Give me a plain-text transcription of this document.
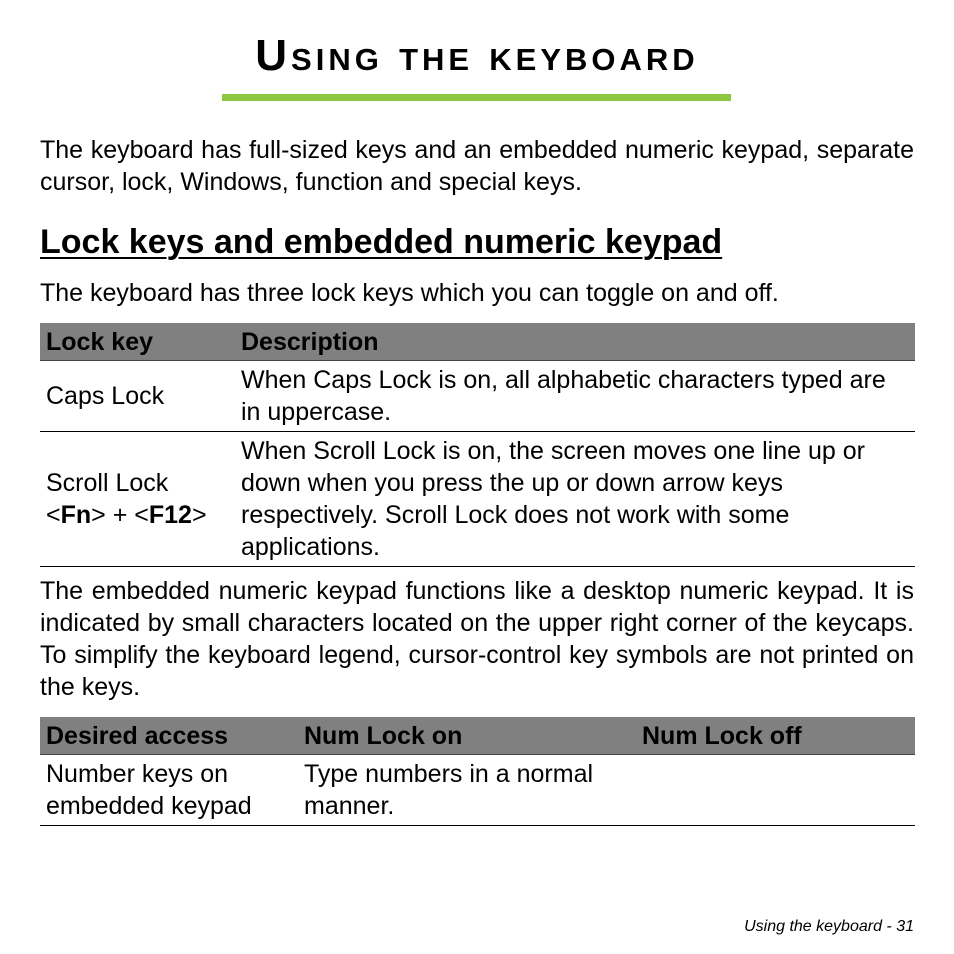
Using the keyboard

The keyboard has full-sized keys and an embedded numeric keypad, separate cursor, lock, Windows, function and special keys.

Lock keys and embedded numeric keypad

The keyboard has three lock keys which you can toggle on and off.

Lock key	Description
Caps Lock	When Caps Lock is on, all alphabetic characters typed are in uppercase.
Scroll Lock
<Fn> + <F12>	When Scroll Lock is on, the screen moves one line up or down when you press the up or down arrow keys respectively. Scroll Lock does not work with some applications.

The embedded numeric keypad functions like a desktop numeric keypad. It is indicated by small characters located on the upper right corner of the keycaps. To simplify the keyboard legend, cursor-control key symbols are not printed on the keys.

Desired access	Num Lock on	Num Lock off
Number keys on embedded keypad	Type numbers in a normal manner.	
Using the keyboard - 31
